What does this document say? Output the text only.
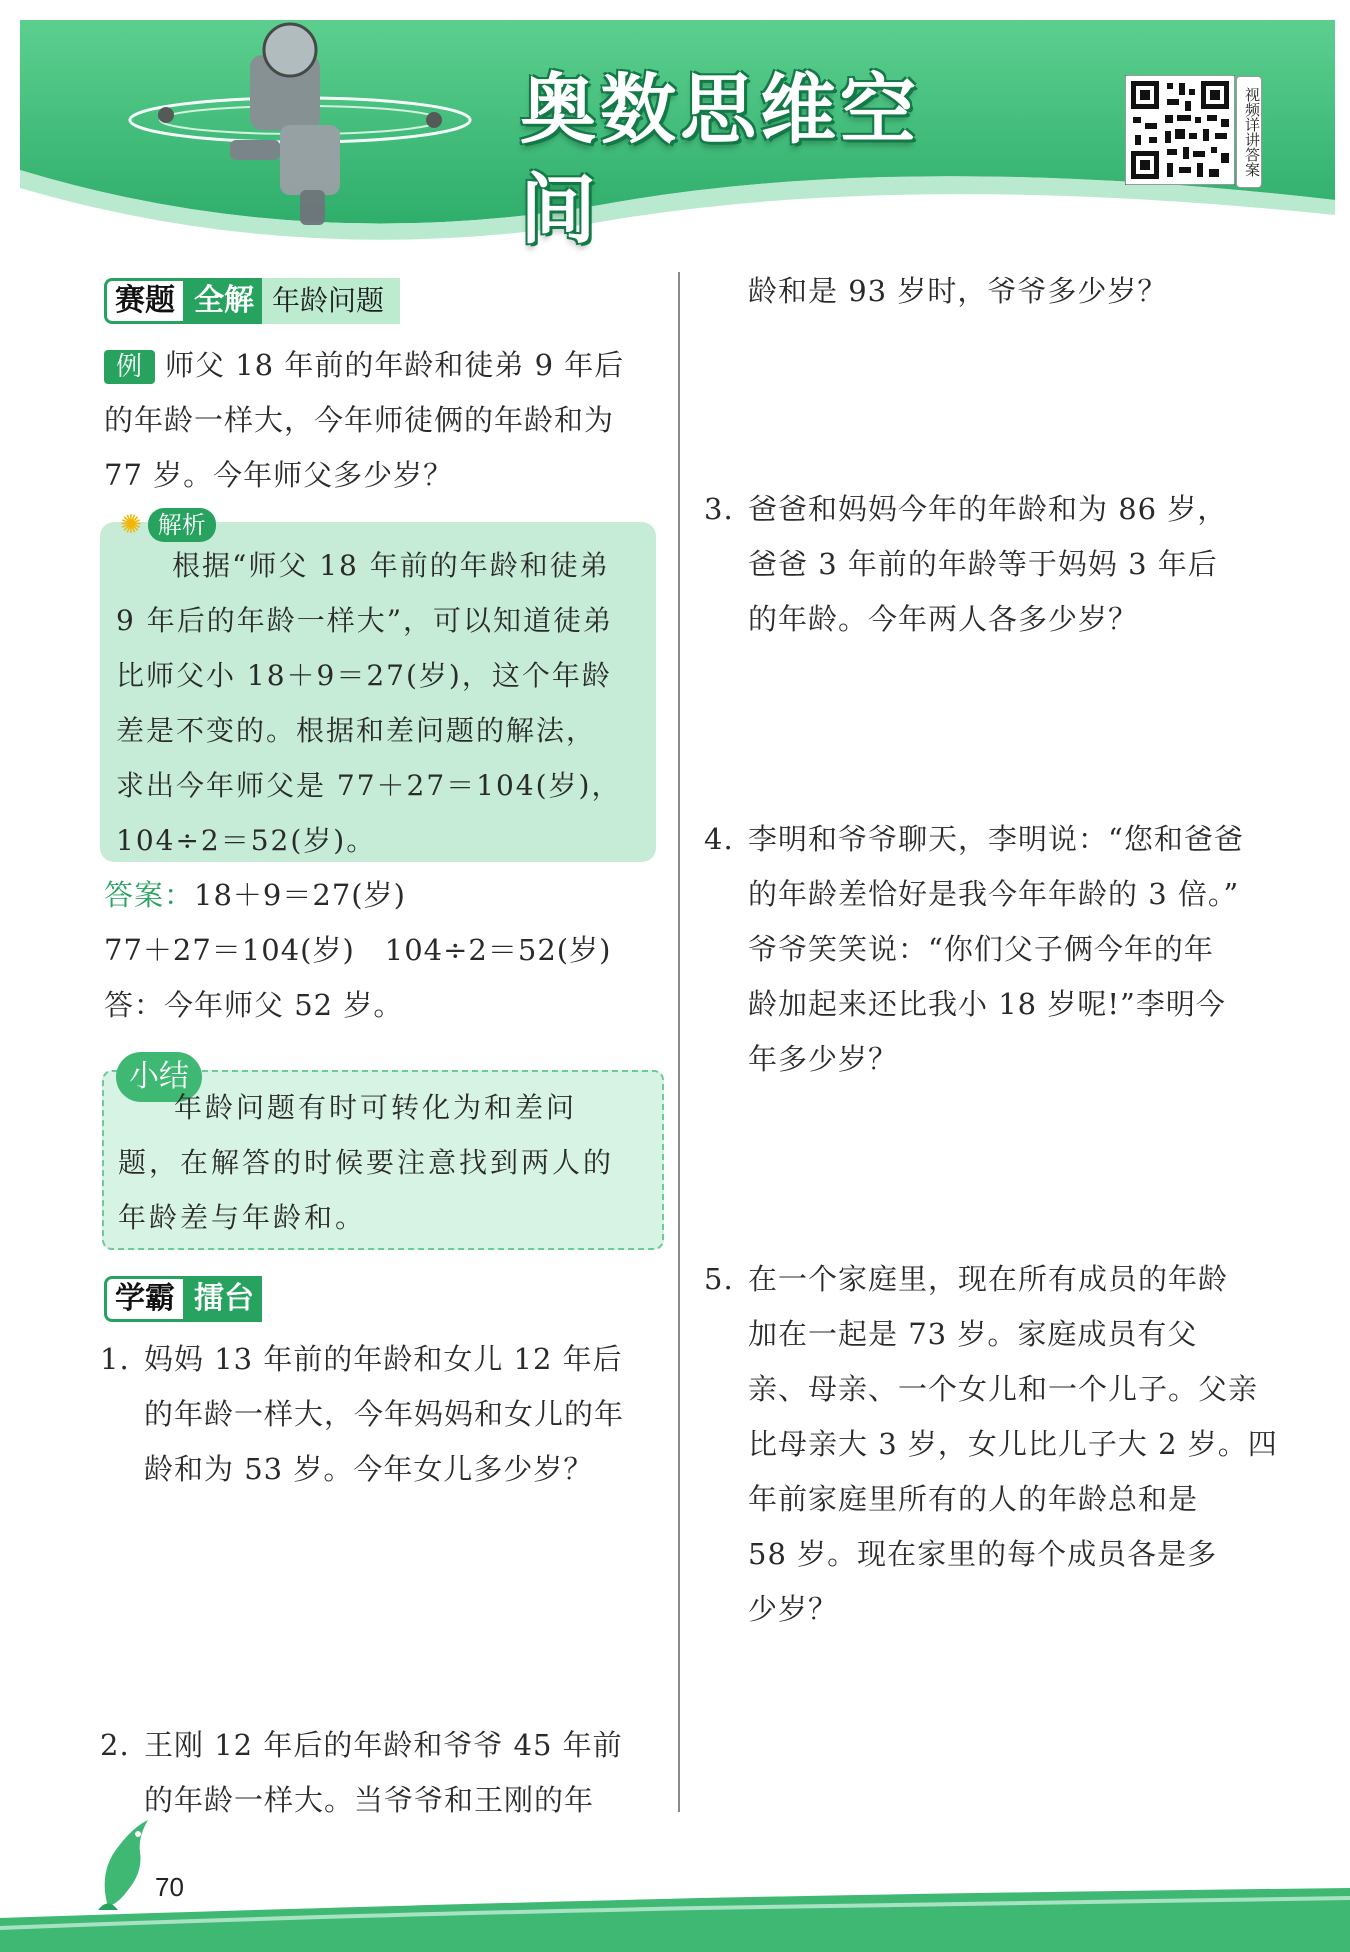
奥数思维空间
视频详讲答案
赛题 全解 年龄问题
例 师父 18 年前的年龄和徒弟 9 年后
的年龄一样大，今年师徒俩的年龄和为
77 岁。今年师父多少岁？
✺ 解析
根据“师父 18 年前的年龄和徒弟
9 年后的年龄一样大”，可以知道徒弟
比师父小 18＋9＝27(岁)，这个年龄
差是不变的。根据和差问题的解法，
求出今年师父是 77＋27＝104(岁)，
104÷2＝52(岁)。
答案：18＋9＝27(岁)
77＋27＝104(岁)　104÷2＝52(岁)
答：今年师父 52 岁。
小结
年龄问题有时可转化为和差问
题，在解答的时候要注意找到两人的
年龄差与年龄和。
学霸 擂台
1. 妈妈 13 年前的年龄和女儿 12 年后
的年龄一样大，今年妈妈和女儿的年
龄和为 53 岁。今年女儿多少岁？
2. 王刚 12 年后的年龄和爷爷 45 年前
的年龄一样大。当爷爷和王刚的年
龄和是 93 岁时，爷爷多少岁？
3. 爸爸和妈妈今年的年龄和为 86 岁，
爸爸 3 年前的年龄等于妈妈 3 年后
的年龄。今年两人各多少岁？
4. 李明和爷爷聊天，李明说：“您和爸爸
的年龄差恰好是我今年年龄的 3 倍。”
爷爷笑笑说：“你们父子俩今年的年
龄加起来还比我小 18 岁呢!”李明今
年多少岁？
5. 在一个家庭里，现在所有成员的年龄
加在一起是 73 岁。家庭成员有父
亲、母亲、一个女儿和一个儿子。父亲
比母亲大 3 岁，女儿比儿子大 2 岁。四
年前家庭里所有的人的年龄总和是
58 岁。现在家里的每个成员各是多
少岁？
70
